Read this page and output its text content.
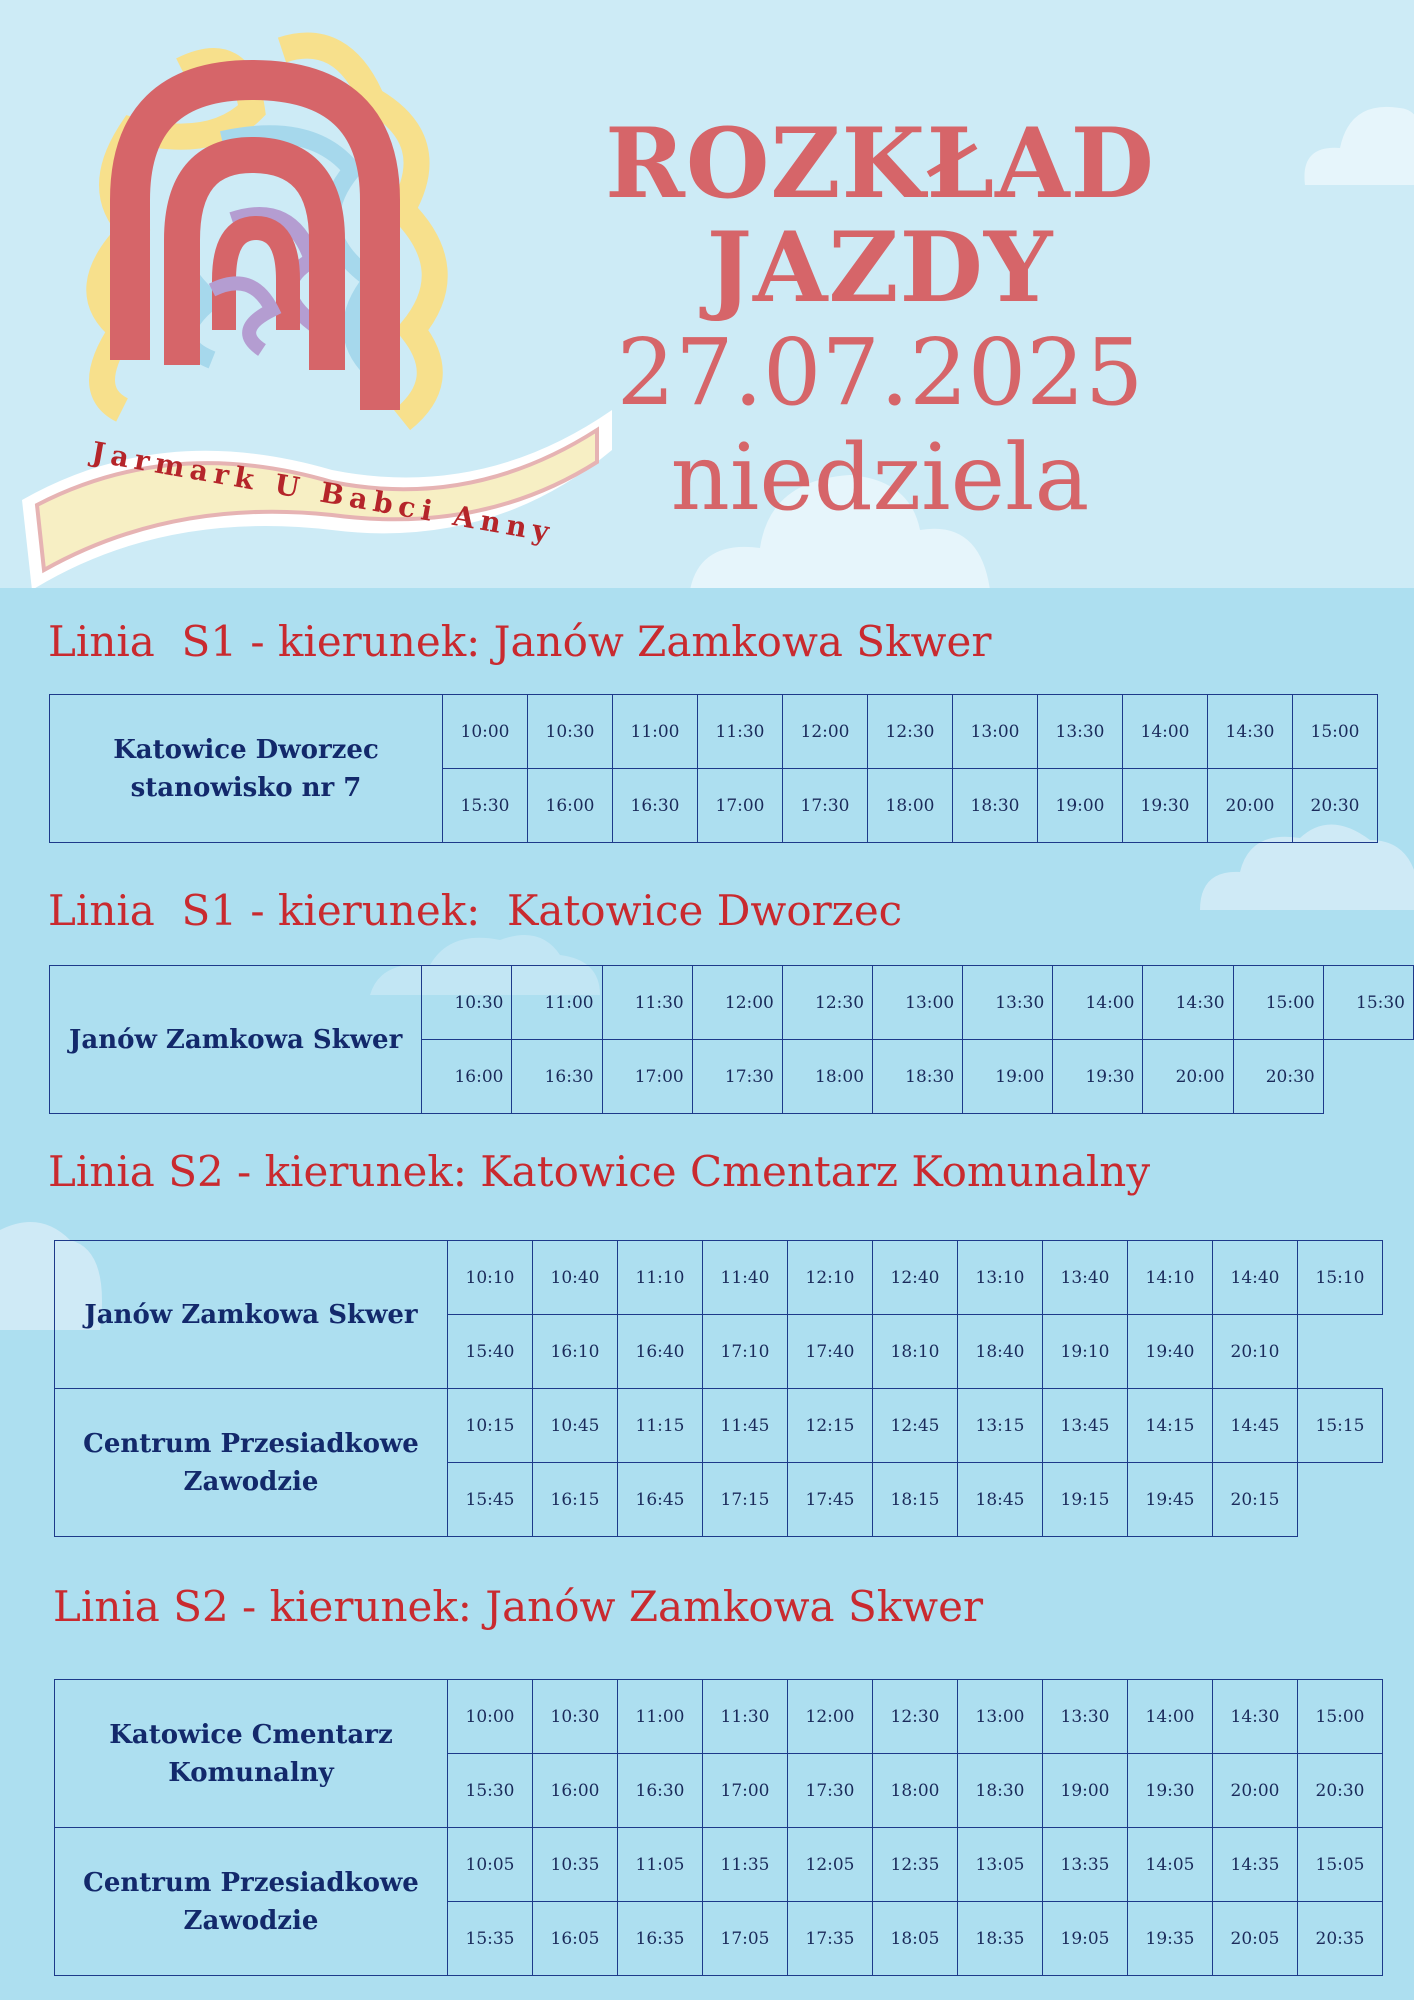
Jarmark U Babci Anny
ROZKŁAD JAZDY
27.07.2025
niedziela
Linia  S1 - kierunek: Janów Zamkowa Skwer
Katowice Dworzec stanowisko nr 7	10:00	10:30	11:00	11:30	12:00	12:30	13:00	13:30	14:00	14:30	15:00
	15:30	16:00	16:30	17:00	17:30	18:00	18:30	19:00	19:30	20:00	20:30
Linia  S1 - kierunek:  Katowice Dworzec
Janów Zamkowa Skwer	10:30	11:00	11:30	12:00	12:30	13:00	13:30	14:00	14:30	15:00	15:30
	16:00	16:30	17:00	17:30	18:00	18:30	19:00	19:30	20:00	20:30	
Linia S2 - kierunek: Katowice Cmentarz Komunalny
Janów Zamkowa Skwer	10:10	10:40	11:10	11:40	12:10	12:40	13:10	13:40	14:10	14:40	15:10
	15:40	16:10	16:40	17:10	17:40	18:10	18:40	19:10	19:40	20:10	
Centrum Przesiadkowe Zawodzie	10:15	10:45	11:15	11:45	12:15	12:45	13:15	13:45	14:15	14:45	15:15
	15:45	16:15	16:45	17:15	17:45	18:15	18:45	19:15	19:45	20:15	
Linia S2 - kierunek: Janów Zamkowa Skwer
Katowice Cmentarz Komunalny	10:00	10:30	11:00	11:30	12:00	12:30	13:00	13:30	14:00	14:30	15:00
	15:30	16:00	16:30	17:00	17:30	18:00	18:30	19:00	19:30	20:00	20:30
Centrum Przesiadkowe Zawodzie	10:05	10:35	11:05	11:35	12:05	12:35	13:05	13:35	14:05	14:35	15:05
	15:35	16:05	16:35	17:05	17:35	18:05	18:35	19:05	19:35	20:05	20:35
